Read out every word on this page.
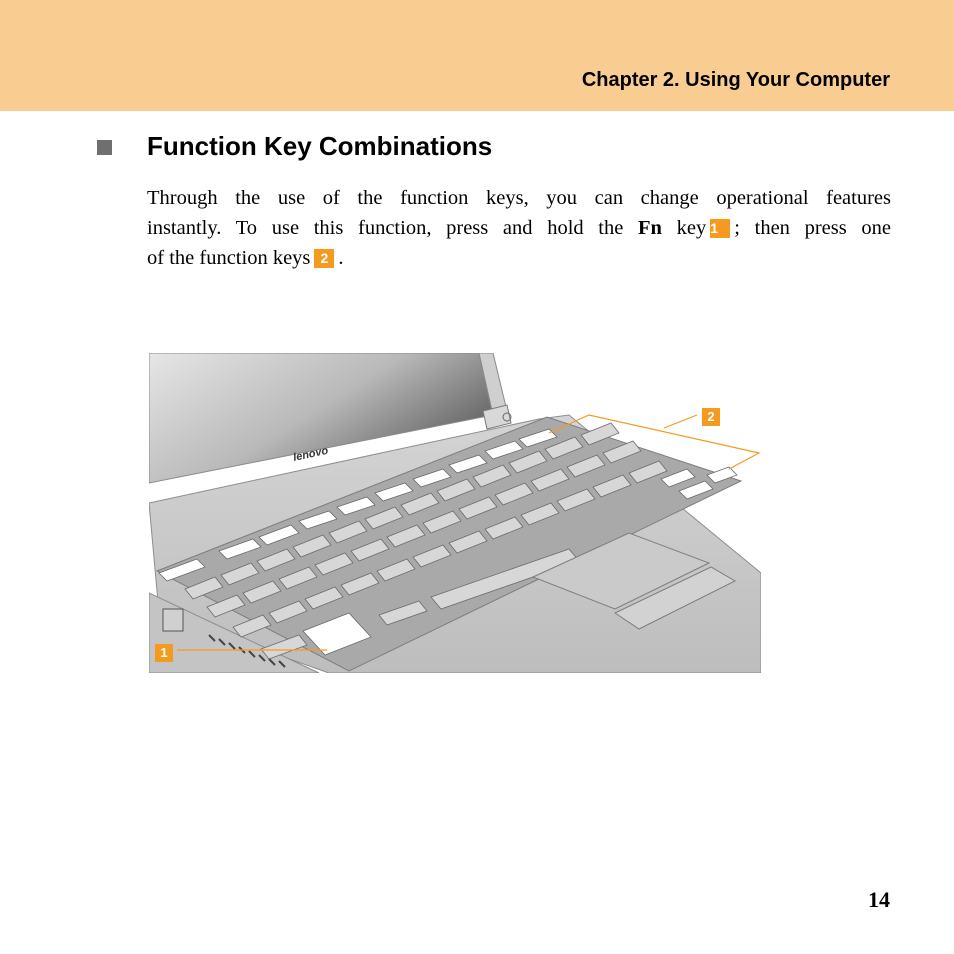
Chapter 2. Using Your Computer
Function Key Combinations
Through the use of the function keys, you can change operational features
instantly. To use this function, press and hold the Fn key 1 ; then press one
of the function keys 2 .
lenovo
2
1
14
